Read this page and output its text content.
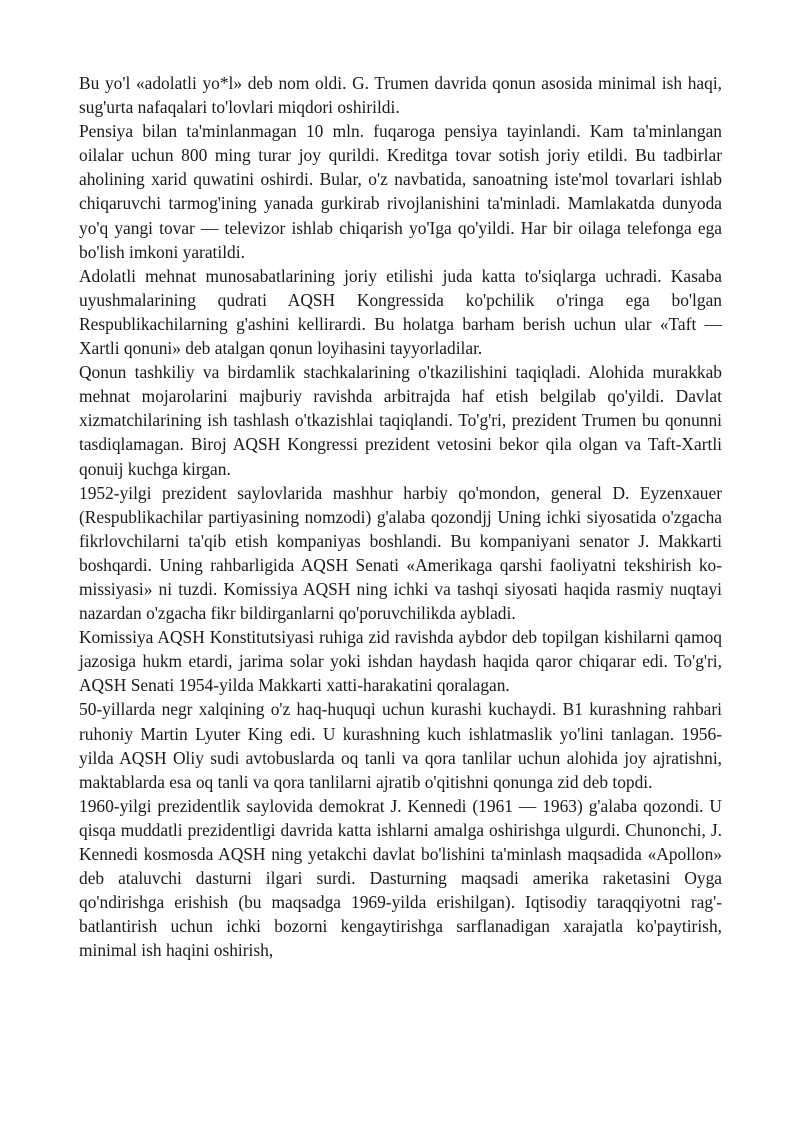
Bu yo'l «adolatli yo*l» deb nom oldi. G. Trumen davrida qonun asosida minimal ish haqi, sug'urta nafaqalari to'lovlari miqdori oshirildi.

Pensiya bilan ta'minlanmagan 10 mln. fuqaroga pensiya tayinlandi. Kam ta'minlangan oilalar uchun 800 ming turar joy qurildi. Kreditga tovar sotish joriy etildi. Bu tadbirlar aholining xarid quwatini oshirdi. Bular, o'z navbatida, sanoatning iste'mol tovarlari ishlab chiqaruvchi tarmog'ining yanada gurkirab rivojlanishini ta'minladi. Mamlakatda dunyoda yo'q yangi tovar — televizor ishlab chiqarish yo'Iga qo'yildi. Har bir oilaga telefonga ega bo'lish imkoni yaratildi.

Adolatli mehnat munosabatlarining joriy etilishi juda katta to'siqlarga uchradi. Kasaba uyushmalarining qudrati AQSH Kongressida ko'pchilik o'ringa ega bo'lgan Respublikachilarning g'ashini kellirardi. Bu holatga barham berish uchun ular «Taft — Xartli qonuni» deb atalgan qonun loyihasini tayyorladilar.

Qonun tashkiliy va birdamlik stachkalarining o'tkazilishini taqiqladi. Alohida murakkab mehnat mojarolarini majburiy ravishda arbitrajda haf etish belgilab qo'yildi. Davlat xizmatchilarining ish tashlash o'tkazishlai taqiqlandi. To'g'ri, prezident Trumen bu qonunni tasdiqlamagan. Biroj AQSH Kongressi prezident vetosini bekor qila olgan va Taft-Xartli qonuij kuchga kirgan.

1952-yilgi prezident saylovlarida mashhur harbiy qo'mondon, general D. Eyzenxauer (Respublikachilar partiyasining nomzodi) g'alaba qozondjj Uning ichki siyosatida o'zgacha fikrlovchilarni ta'qib etish kompaniyas boshlandi. Bu kompaniyani senator J. Makkarti boshqardi. Uning rahbarligida AQSH Senati «Amerikaga qarshi faoliyatni tekshirish ko-missiyasi» ni tuzdi. Komissiya AQSH ning ichki va tashqi siyosati haqida rasmiy nuqtayi nazardan o'zgacha fikr bildirganlarni qo'poruvchilikda aybladi.

Komissiya AQSH Konstitutsiyasi ruhiga zid ravishda aybdor deb topilgan kishilarni qamoq jazosiga hukm etardi, jarima solar yoki ishdan haydash haqida qaror chiqarar edi. To'g'ri, AQSH Senati 1954-yilda Makkarti xatti-harakatini qoralagan.

50-yillarda negr xalqining o'z haq-huquqi uchun kurashi kuchaydi. B1 kurashning rahbari ruhoniy Martin Lyuter King edi. U kurashning kuch ishlatmaslik yo'lini tanlagan. 1956-yilda AQSH Oliy sudi avtobuslarda oq tanli va qora tanlilar uchun alohida joy ajratishni, maktablarda esa oq tanli va qora tanlilarni ajratib o'qitishni qonunga zid deb topdi.

1960-yilgi prezidentlik saylovida demokrat J. Kennedi (1961 — 1963) g'alaba qozondi. U qisqa muddatli prezidentligi davrida katta ishlarni amalga oshirishga ulgurdi. Chunonchi, J. Kennedi kosmosda AQSH ning yetakchi davlat bo'lishini ta'minlash maqsadida «Apollon» deb ataluvchi dasturni ilgari surdi. Dasturning maqsadi amerika raketasini Oyga qo'ndirishga erishish (bu maqsadga 1969-yilda erishilgan). Iqtisodiy taraqqiyotni rag'-batlantirish uchun ichki bozorni kengaytirishga sarflanadigan xarajatla ko'paytirish, minimal ish haqini oshirish,
